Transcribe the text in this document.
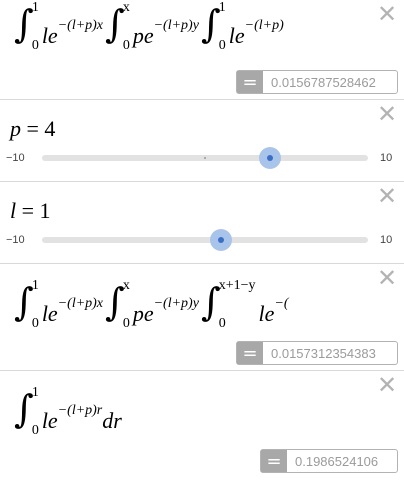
∫
1
0 $le^{-(l+p)x}$ ∫
x
0 $pe^{-(l+p)y}$ ∫
1
0 $le^{-(l+p)}$	✕
=	0.0156787528462
p = 4
✕
−10	10
l = 1
✕
−10	10
∫
1
0 $le^{-(l+p)x}$ ∫
x
0 $pe^{-(l+p)y}$ ∫
x+1−y
0	le−(
✕
=	0.0157312354383
∫
1
0 $le^{-(l+p)r}dr$
✕
=	0.1986524106
